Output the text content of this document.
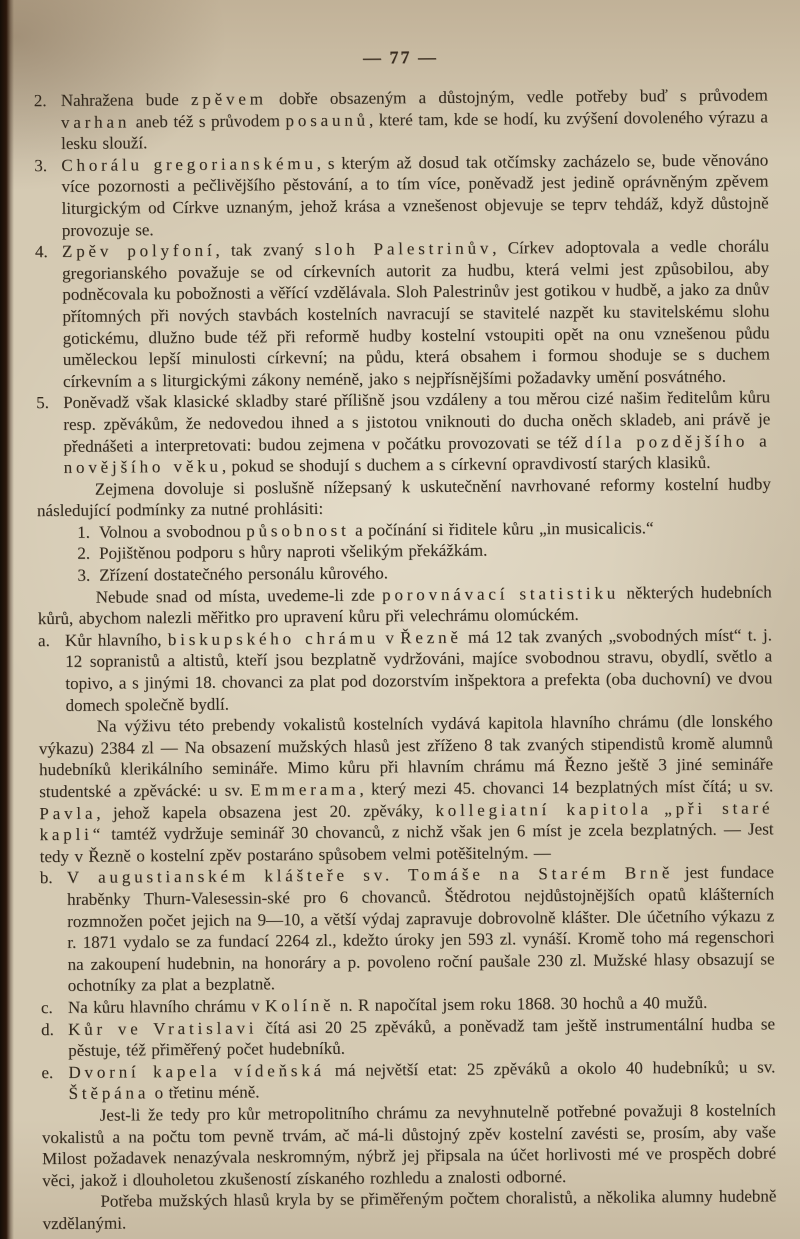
— 77 —
2. Nahražena bude zpěvem dobře obsazeným a důstojným, vedle potřeby buď s průvodem varhan aneb též s průvodem posaunů, které tam, kde se hodí, ku zvýšení dovoleného výrazu a lesku slouží.
3. Chorálu gregorianskému, s kterým až dosud tak otčímsky zacházelo se, bude věnováno více pozornosti a pečlivějšího pěstování, a to tím více, poněvadž jest jedině oprávněným zpěvem liturgickým od Církve uznaným, jehož krása a vznešenost objevuje se teprv tehdáž, když důstojně provozuje se.
4. Zpěv polyfoní, tak zvaný sloh Palestrinův, Církev adoptovala a vedle chorálu gregorianského považuje se od církevních autorit za hudbu, která velmi jest způsobilou, aby podněcovala ku pobožnosti a věřící vzdělávala. Sloh Palestrinův jest gotikou v hudbě, a jako za dnův přítomných při nových stavbách kostelních navracují se stavitelé nazpět ku stavitelskému slohu gotickému, dlužno bude též při reformě hudby kostelní vstoupiti opět na onu vznešenou půdu uměleckou lepší minulosti církevní; na půdu, která obsahem i formou shoduje se s duchem církevním a s liturgickými zákony neméně, jako s nejpřísnějšími požadavky umění posvátného.
5. Poněvadž však klasické skladby staré přílišně jsou vzdáleny a tou měrou cizé našim ředitelům kůru resp. zpěvákům, že nedovedou ihned a s jistotou vniknouti do ducha oněch skladeb, ani právě je přednášeti a interpretovati: budou zejmena v počátku provozovati se též díla pozdějšího a novějšího věku, pokud se shodují s duchem a s církevní opravdivostí starých klasiků.
Zejmena dovoluje si poslušně nížepsaný k uskutečnění navrhované reformy kostelní hudby následující podmínky za nutné prohlásiti:
1. Volnou a svobodnou působnost a počínání si řiditele kůru „in musicalicis.“
2. Pojištěnou podporu s hůry naproti všelikým překážkám.
3. Zřízení dostatečného personálu kůrového.
Nebude snad od místa, uvedeme-li zde porovnávací statistiku některých hudebních kůrů, abychom nalezli měřitko pro upravení kůru při velechrámu olomúckém.
a. Kůr hlavního, biskupského chrámu v Řezně má 12 tak zvaných „svobodných míst“ t. j. 12 sopranistů a altistů, kteří jsou bezplatně vydržováni, majíce svobodnou stravu, obydlí, světlo a topivo, a s jinými 18. chovanci za plat pod dozorstvím inšpektora a prefekta (oba duchovní) ve dvou domech společně bydlí.
Na výživu této prebendy vokalistů kostelních vydává kapitola hlavního chrámu (dle lonského výkazu) 2384 zl — Na obsazení mužských hlasů jest zříženo 8 tak zvaných stipendistů kromě alumnů hudebníků klerikálního semináře. Mimo kůru při hlavním chrámu má Řezno ještě 3 jiné semináře studentské a zpěvácké: u sv. Emmerama, který mezi 45. chovanci 14 bezplatných míst čítá; u sv. Pavla, jehož kapela obsazena jest 20. zpěváky, kollegiatní kapitola „při staré kapli“ tamtéž vydržuje seminář 30 chovanců, z nichž však jen 6 míst je zcela bezplatných. — Jest tedy v Řezně o kostelní zpěv postaráno spůsobem velmi potěšitelným. —
b. V augustianském klášteře sv. Tomáše na Starém Brně jest fundace hraběnky Thurn-Valesessin-ské pro 6 chovanců. Štědrotou nejdůstojnějších opatů klášterních rozmnožen počet jejich na 9—10, a větší výdaj zapravuje dobrovolně klášter. Dle účetního výkazu z r. 1871 vydalo se za fundací 2264 zl., kdežto úroky jen 593 zl. vynáší. Kromě toho má regenschori na zakoupení hudebnin, na honoráry a p. povoleno roční paušale 230 zl. Mužské hlasy obsazují se ochotníky za plat a bezplatně.
c. Na kůru hlavního chrámu v Kolíně n. R napočítal jsem roku 1868. 30 hochů a 40 mužů.
d. Kůr ve Vratislavi čítá asi 20 25 zpěváků, a poněvadž tam ještě instrumentální hudba se pěstuje, též přiměřený počet hudebníků.
e. Dvorní kapela vídeňská má největší etat: 25 zpěváků a okolo 40 hudebníků; u sv. Štěpána o třetinu méně.
Jest-li že tedy pro kůr metropolitního chrámu za nevyhnutelně potřebné považuji 8 kostelních vokalistů a na počtu tom pevně trvám, ač má-li důstojný zpěv kostelní zavésti se, prosím, aby vaše Milost požadavek nenazývala neskromným, nýbrž jej připsala na účet horlivosti mé ve prospěch dobré věci, jakož i dlouholetou zkušeností získaného rozhledu a znalosti odborné.
Potřeba mužských hlasů kryla by se přiměřeným počtem choralistů, a několika alumny hudebně vzdělanými.
